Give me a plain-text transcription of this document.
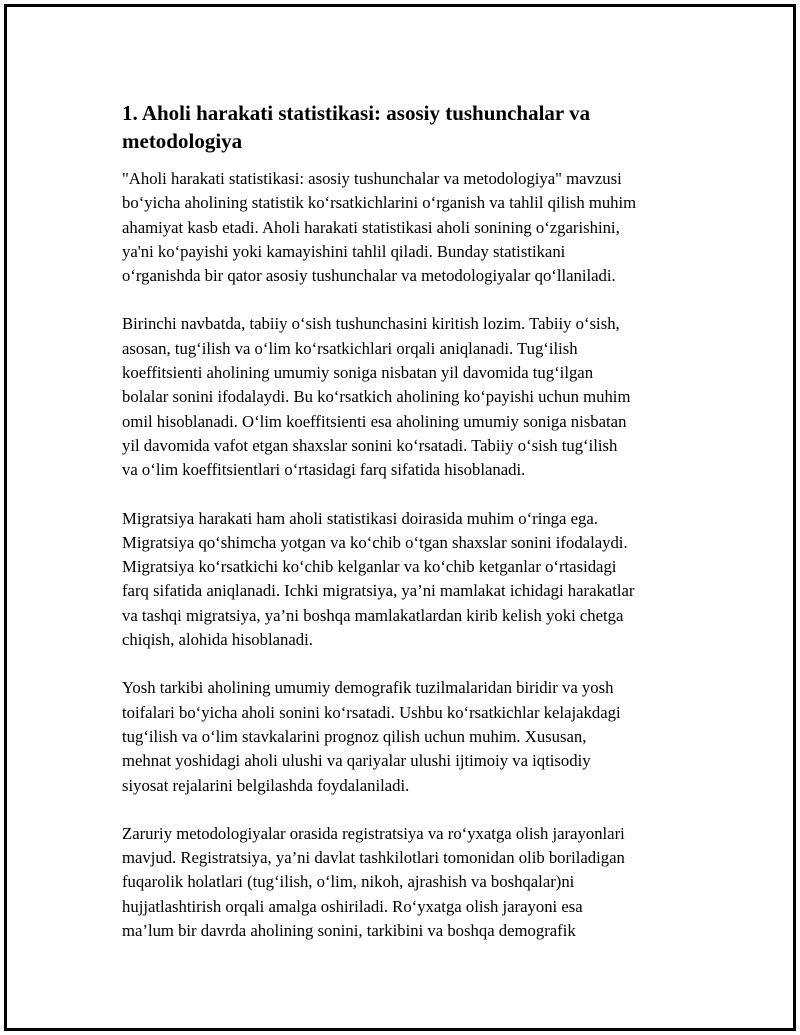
1. Aholi harakati statistikasi: asosiy tushunchalar va
metodologiya

"Aholi harakati statistikasi: asosiy tushunchalar va metodologiya" mavzusi
bo‘yicha aholining statistik ko‘rsatkichlarini o‘rganish va tahlil qilish muhim
ahamiyat kasb etadi. Aholi harakati statistikasi aholi sonining o‘zgarishini,
ya'ni ko‘payishi yoki kamayishini tahlil qiladi. Bunday statistikani
o‘rganishda bir qator asosiy tushunchalar va metodologiyalar qo‘llaniladi.

Birinchi navbatda, tabiiy o‘sish tushunchasini kiritish lozim. Tabiiy o‘sish,
asosan, tug‘ilish va o‘lim ko‘rsatkichlari orqali aniqlanadi. Tug‘ilish
koeffitsienti aholining umumiy soniga nisbatan yil davomida tug‘ilgan
bolalar sonini ifodalaydi. Bu ko‘rsatkich aholining ko‘payishi uchun muhim
omil hisoblanadi. O‘lim koeffitsienti esa aholining umumiy soniga nisbatan
yil davomida vafot etgan shaxslar sonini ko‘rsatadi. Tabiiy o‘sish tug‘ilish
va o‘lim koeffitsientlari o‘rtasidagi farq sifatida hisoblanadi.

Migratsiya harakati ham aholi statistikasi doirasida muhim o‘ringa ega.
Migratsiya qo‘shimcha yotgan va ko‘chib o‘tgan shaxslar sonini ifodalaydi.
Migratsiya ko‘rsatkichi ko‘chib kelganlar va ko‘chib ketganlar o‘rtasidagi
farq sifatida aniqlanadi. Ichki migratsiya, ya’ni mamlakat ichidagi harakatlar
va tashqi migratsiya, ya’ni boshqa mamlakatlardan kirib kelish yoki chetga
chiqish, alohida hisoblanadi.

Yosh tarkibi aholining umumiy demografik tuzilmalaridan biridir va yosh
toifalari bo‘yicha aholi sonini ko‘rsatadi. Ushbu ko‘rsatkichlar kelajakdagi
tug‘ilish va o‘lim stavkalarini prognoz qilish uchun muhim. Xususan,
mehnat yoshidagi aholi ulushi va qariyalar ulushi ijtimoiy va iqtisodiy
siyosat rejalarini belgilashda foydalaniladi.

Zaruriy metodologiyalar orasida registratsiya va ro‘yxatga olish jarayonlari
mavjud. Registratsiya, ya’ni davlat tashkilotlari tomonidan olib boriladigan
fuqarolik holatlari (tug‘ilish, o‘lim, nikoh, ajrashish va boshqalar)ni
hujjatlashtirish orqali amalga oshiriladi. Ro‘yxatga olish jarayoni esa
ma’lum bir davrda aholining sonini, tarkibini va boshqa demografik
